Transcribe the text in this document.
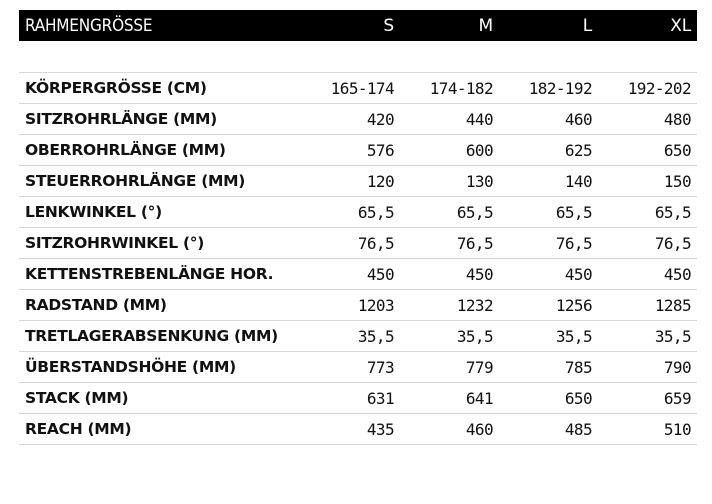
RAHMENGRÖSSE	S	M	L	XL

KÖRPERGRÖSSE (CM)	165-174	174-182	182-192	192-202
SITZROHRLÄNGE (MM)	420	440	460	480
OBERROHRLÄNGE (MM)	576	600	625	650
STEUERROHRLÄNGE (MM)	120	130	140	150
LENKWINKEL (°)	65,5	65,5	65,5	65,5
SITZROHRWINKEL (°)	76,5	76,5	76,5	76,5
KETTENSTREBENLÄNGE HOR.	450	450	450	450
RADSTAND (MM)	1203	1232	1256	1285
TRETLAGERABSENKUNG (MM)	35,5	35,5	35,5	35,5
ÜBERSTANDSHÖHE (MM)	773	779	785	790
STACK (MM)	631	641	650	659
REACH (MM)	435	460	485	510
